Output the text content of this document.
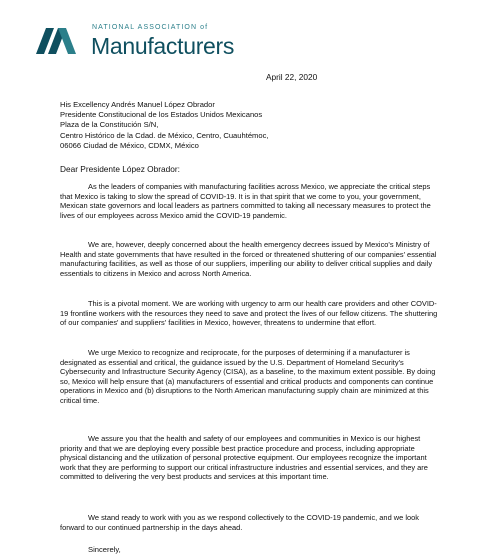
NATIONAL ASSOCIATION of
Manufacturers
April 22, 2020
His Excellency Andrés Manuel López Obrador
Presidente Constitucional de los Estados Unidos Mexicanos
Plaza de la Constitución S/N,
Centro Histórico de la Cdad. de México, Centro, Cuauhtémoc,
06066 Ciudad de México, CDMX, México
Dear Presidente López Obrador:
As the leaders of companies with manufacturing facilities across Mexico, we appreciate the critical steps that Mexico is taking to slow the spread of COVID-19. It is in that spirit that we come to you, your government, Mexican state governors and local leaders as partners committed to taking all necessary measures to protect the lives of our employees across Mexico amid the COVID-19 pandemic.
We are, however, deeply concerned about the health emergency decrees issued by Mexico's Ministry of Health and state governments that have resulted in the forced or threatened shuttering of our companies' essential manufacturing facilities, as well as those of our suppliers, imperiling our ability to deliver critical supplies and daily essentials to citizens in Mexico and across North America.
This is a pivotal moment. We are working with urgency to arm our health care providers and other COVID-19 frontline workers with the resources they need to save and protect the lives of our fellow citizens. The shuttering of our companies' and suppliers' facilities in Mexico, however, threatens to undermine that effort.
We urge Mexico to recognize and reciprocate, for the purposes of determining if a manufacturer is designated as essential and critical, the guidance issued by the U.S. Department of Homeland Security's Cybersecurity and Infrastructure Security Agency (CISA), as a baseline, to the maximum extent possible. By doing so, Mexico will help ensure that (a) manufacturers of essential and critical products and components can continue operations in Mexico and (b) disruptions to the North American manufacturing supply chain are minimized at this critical time.
We assure you that the health and safety of our employees and communities in Mexico is our highest priority and that we are deploying every possible best practice procedure and process, including appropriate physical distancing and the utilization of personal protective equipment. Our employees recognize the important work that they are performing to support our critical infrastructure industries and essential services, and they are committed to delivering the very best products and services at this important time.
We stand ready to work with you as we respond collectively to the COVID-19 pandemic, and we look forward to our continued partnership in the days ahead.
Sincerely,
